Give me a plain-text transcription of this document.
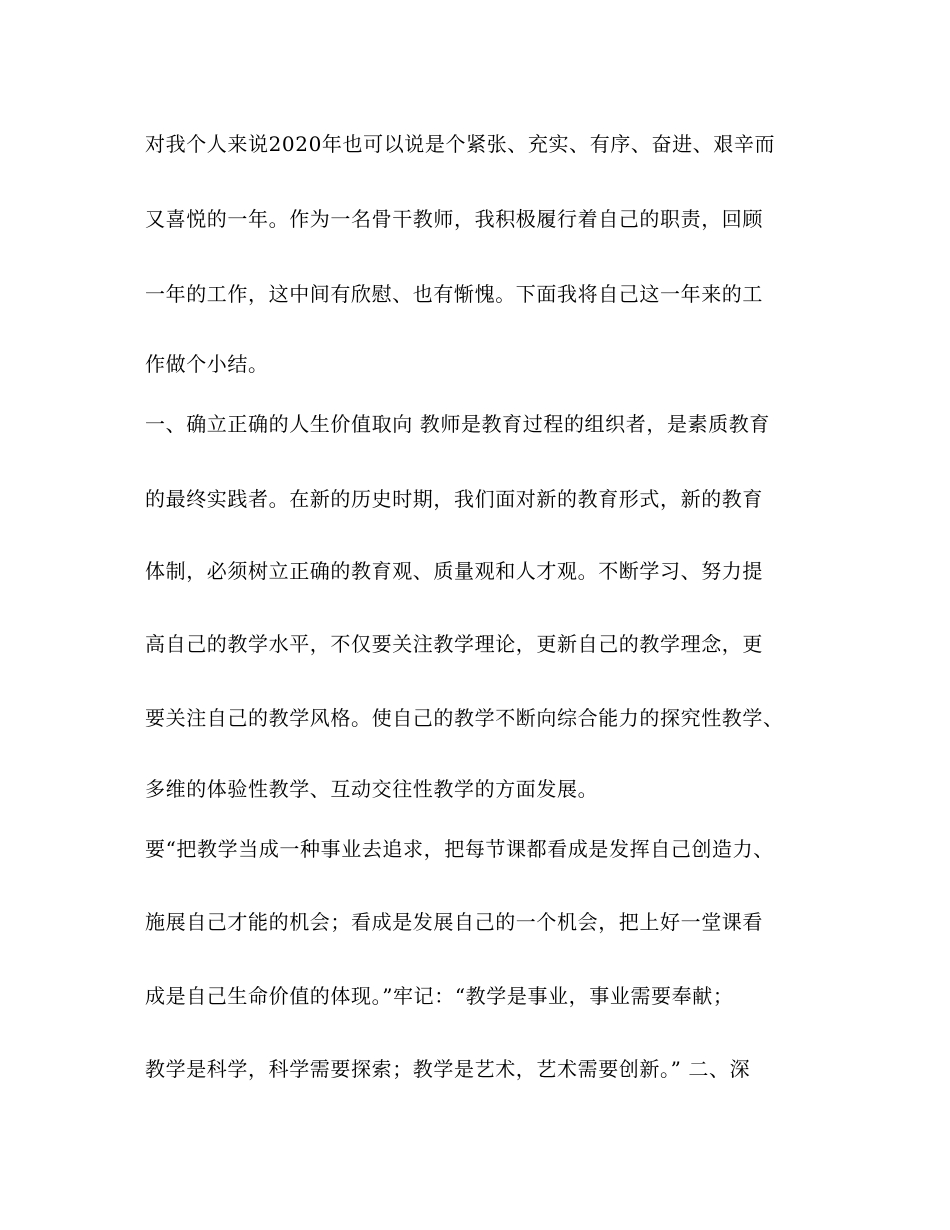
对我个人来说2020年也可以说是个紧张、充实、有序、奋进、艰辛而
又喜悦的一年。作为一名骨干教师，我积极履行着自己的职责，回顾
一年的工作，这中间有欣慰、也有惭愧。下面我将自己这一年来的工
作做个小结。
一、确立正确的人生价值取向 教师是教育过程的组织者，是素质教育
的最终实践者。在新的历史时期，我们面对新的教育形式，新的教育
体制，必须树立正确的教育观、质量观和人才观。不断学习、努力提
高自己的教学水平，不仅要关注教学理论，更新自己的教学理念，更
要关注自己的教学风格。使自己的教学不断向综合能力的探究性教学、
多维的体验性教学、互动交往性教学的方面发展。
要“把教学当成一种事业去追求，把每节课都看成是发挥自己创造力、
施展自己才能的机会；看成是发展自己的一个机会，把上好一堂课看
成是自己生命价值的体现。”牢记：“教学是事业，事业需要奉献；
教学是科学，科学需要探索；教学是艺术，艺术需要创新。” 二、深
